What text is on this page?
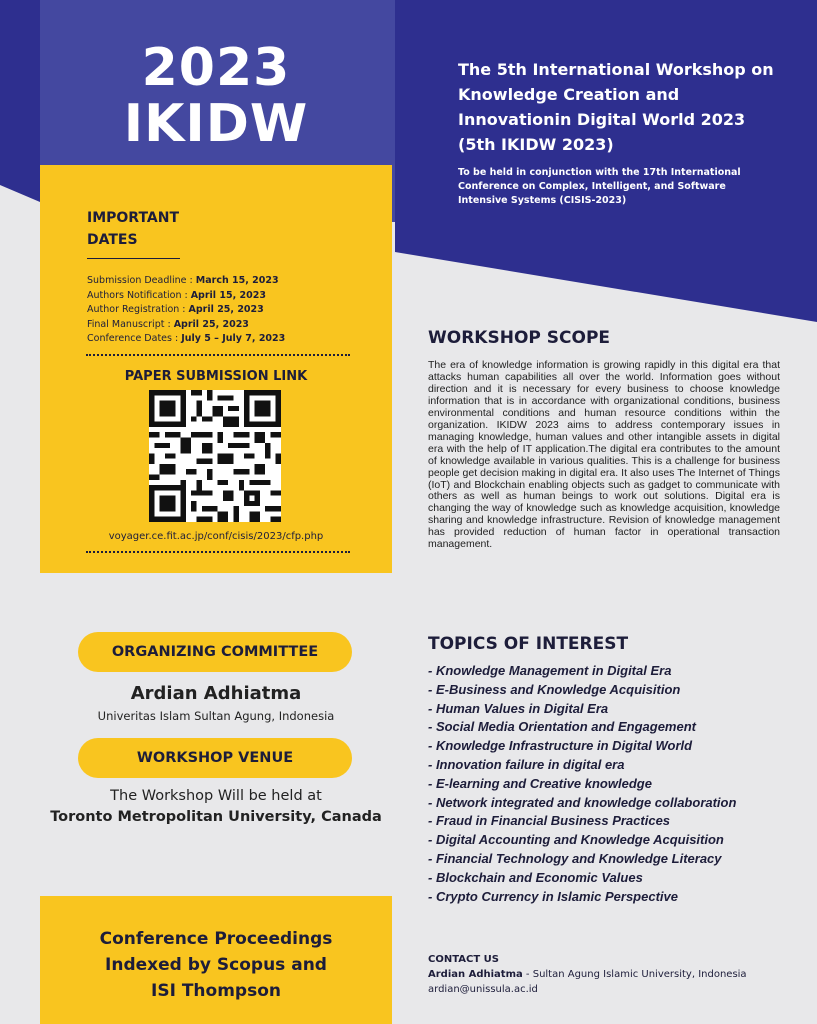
2023
IKIDW
The 5th International Workshop on Knowledge Creation and Innovationin Digital World 2023 (5th IKIDW 2023)
To be held in conjunction with the 17th International Conference on Complex, Intelligent, and Software Intensive Systems (CISIS-2023)
IMPORTANT
DATES
Submission Deadline : March 15, 2023
Authors Notification : April 15, 2023
Author Registration : April 25, 2023
Final Manuscript : April 25, 2023
Conference Dates : July 5 – July 7, 2023
PAPER SUBMISSION LINK
voyager.ce.fit.ac.jp/conf/cisis/2023/cfp.php
WORKSHOP SCOPE
The era of knowledge information is growing rapidly in this digital era that attacks human capabilities all over the world. Information goes without direction and it is necessary for every business to choose knowledge information that is in accordance with organizational conditions, business environmental conditions and human resource conditions within the organization. IKIDW 2023 aims to address contemporary issues in managing knowledge, human values and other intangible assets in digital era with the help of IT application.The digital era contributes to the amount of knowledge available in various qualities. This is a challenge for business people get decision making in digital era. It also uses The Internet of Things (IoT) and Blockchain enabling objects such as gadget to communicate with others as well as human beings to work out solutions. Digital era is changing the way of knowledge such as knowledge acquisition, knowledge sharing and knowledge infrastructure. Revision of knowledge management has provided reduction of human factor in operational transaction management.
TOPICS OF INTEREST
- Knowledge Management in Digital Era
- E-Business and Knowledge Acquisition
- Human Values in Digital Era
- Social Media Orientation and Engagement
- Knowledge Infrastructure in Digital World
- Innovation failure in digital era
- E-learning and Creative knowledge
- Network integrated and knowledge collaboration
- Fraud in Financial Business Practices
- Digital Accounting and Knowledge Acquisition
- Financial Technology and Knowledge Literacy
- Blockchain and Economic Values
- Crypto Currency in Islamic Perspective
ORGANIZING COMMITTEE
Ardian Adhiatma
Univeritas Islam Sultan Agung, Indonesia
WORKSHOP VENUE
The Workshop Will be held at
Toronto Metropolitan University, Canada
Conference Proceedings
Indexed by Scopus and
ISI Thompson
CONTACT US
Ardian Adhiatma - Sultan Agung Islamic University, Indonesia
ardian@unissula.ac.id
